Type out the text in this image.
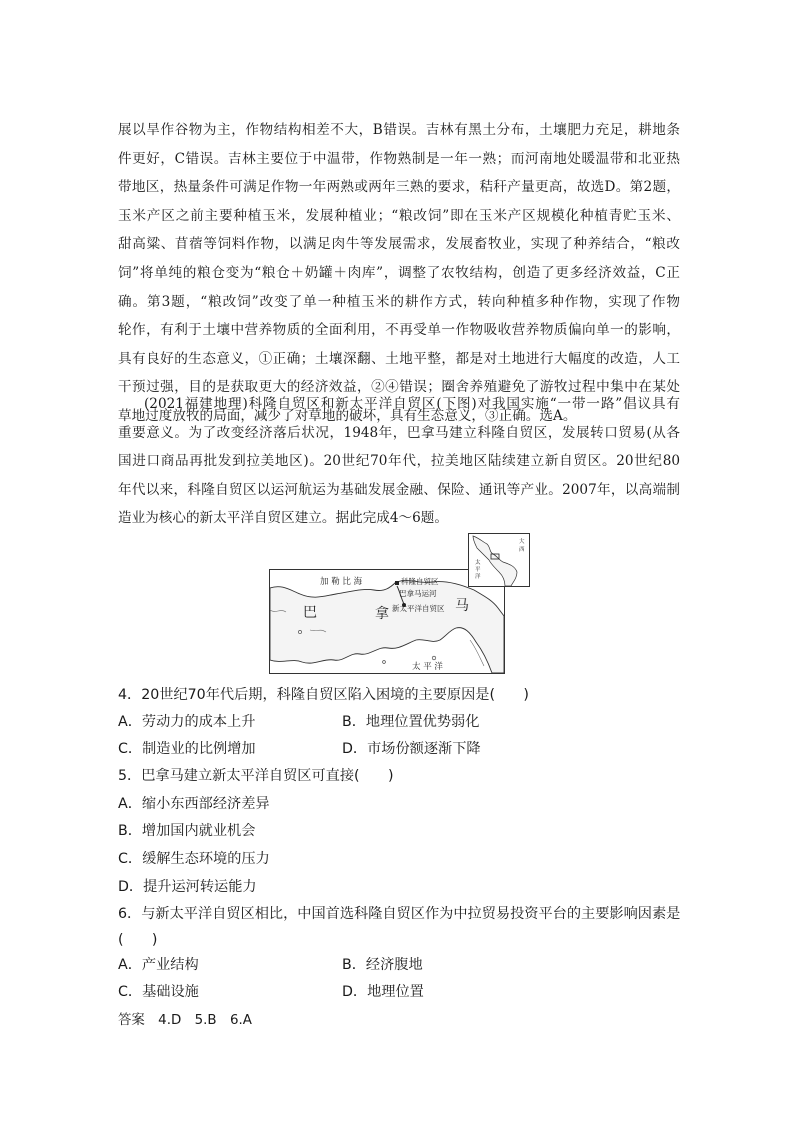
展以旱作谷物为主，作物结构相差不大，B错误。吉林有黑土分布，土壤肥力充足，耕地条
件更好，C错误。吉林主要位于中温带，作物熟制是一年一熟；而河南地处暖温带和北亚热
带地区，热量条件可满足作物一年两熟或两年三熟的要求，秸秆产量更高，故选D。第2题，
玉米产区之前主要种植玉米，发展种植业；“粮改饲”即在玉米产区规模化种植青贮玉米、
甜高粱、苜蓿等饲料作物，以满足肉牛等发展需求，发展畜牧业，实现了种养结合，“粮改
饲”将单纯的粮仓变为“粮仓＋奶罐＋肉库”，调整了农牧结构，创造了更多经济效益，C正
确。第3题，“粮改饲”改变了单一种植玉米的耕作方式，转向种植多种作物，实现了作物
轮作，有利于土壤中营养物质的全面利用，不再受单一作物吸收营养物质偏向单一的影响，
具有良好的生态意义，①正确；土壤深翻、土地平整，都是对土地进行大幅度的改造，人工
干预过强，目的是获取更大的经济效益，②④错误；圈舍养殖避免了游牧过程中集中在某处
草地过度放牧的局面，减少了对草地的破坏，具有生态意义，③正确。选A。
(2021福建地理)科隆自贸区和新太平洋自贸区(下图)对我国实施“一带一路”倡议具有
重要意义。为了改变经济落后状况，1948年，巴拿马建立科隆自贸区，发展转口贸易(从各
国进口商品再批发到拉美地区)。20世纪70年代，拉美地区陆续建立新自贸区。20世纪80
年代以来，科隆自贸区以运河航运为基础发展金融、保险、通讯等产业。2007年，以高端制
造业为核心的新太平洋自贸区建立。据此完成4～6题。
加 勒 比 海	科隆自贸区
巴拿马运河
新太平洋自贸区
巴	拿	马
太 平 洋
大
西
太
平
洋
4．20世纪70年代后期，科隆自贸区陷入困境的主要原因是(　　)
A．劳动力的成本上升	B．地理位置优势弱化
C．制造业的比例增加	D．市场份额逐渐下降
5．巴拿马建立新太平洋自贸区可直接(　　)
A．缩小东西部经济差异
B．增加国内就业机会
C．缓解生态环境的压力
D．提升运河转运能力
6．与新太平洋自贸区相比，中国首选科隆自贸区作为中拉贸易投资平台的主要影响因素是
(　　)
A．产业结构	B．经济腹地
C．基础设施	D．地理位置
答案　4.D　5.B　6.A
